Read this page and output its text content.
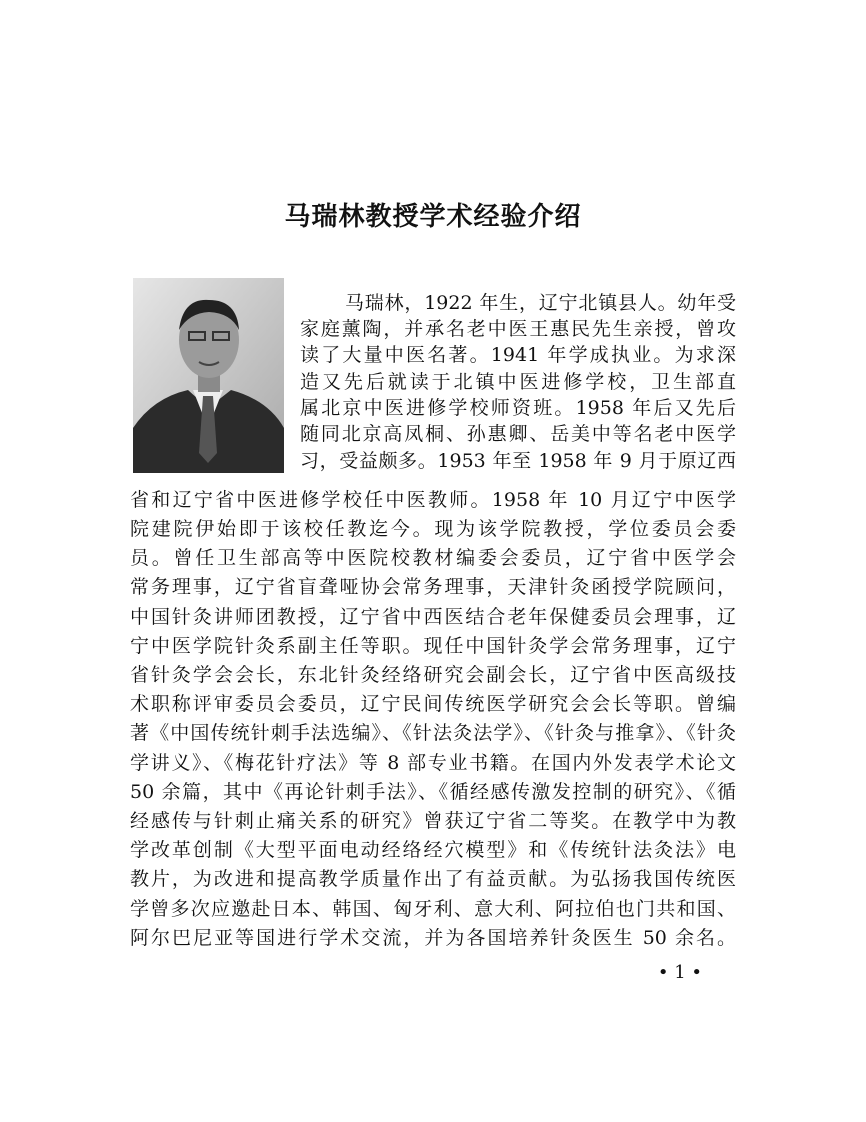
马瑞林教授学术经验介绍
马瑞林，1922 年生，辽宁北镇县人。幼年受
家庭薰陶，并承名老中医王惠民先生亲授，曾攻
读了大量中医名著。1941 年学成执业。为求深
造又先后就读于北镇中医进修学校，卫生部直
属北京中医进修学校师资班。1958 年后又先后
随同北京高凤桐、孙惠卿、岳美中等名老中医学
习，受益颇多。1953 年至 1958 年 9 月于原辽西
省和辽宁省中医进修学校任中医教师。1958 年 10 月辽宁中医学
院建院伊始即于该校任教迄今。现为该学院教授，学位委员会委
员。曾任卫生部高等中医院校教材编委会委员，辽宁省中医学会
常务理事，辽宁省盲聋哑协会常务理事，天津针灸函授学院顾问，
中国针灸讲师团教授，辽宁省中西医结合老年保健委员会理事，辽
宁中医学院针灸系副主任等职。现任中国针灸学会常务理事，辽宁
省针灸学会会长，东北针灸经络研究会副会长，辽宁省中医高级技
术职称评审委员会委员，辽宁民间传统医学研究会会长等职。曾编
著《中国传统针刺手法选编》、《针法灸法学》、《针灸与推拿》、《针灸
学讲义》、《梅花针疗法》等 8 部专业书籍。在国内外发表学术论文
50 余篇，其中《再论针刺手法》、《循经感传激发控制的研究》、《循
经感传与针刺止痛关系的研究》曾获辽宁省二等奖。在教学中为教
学改革创制《大型平面电动经络经穴模型》和《传统针法灸法》电
教片，为改进和提高教学质量作出了有益贡献。为弘扬我国传统医
学曾多次应邀赴日本、韩国、匈牙利、意大利、阿拉伯也门共和国、
阿尔巴尼亚等国进行学术交流，并为各国培养针灸医生 50 余名。
• 1 •
